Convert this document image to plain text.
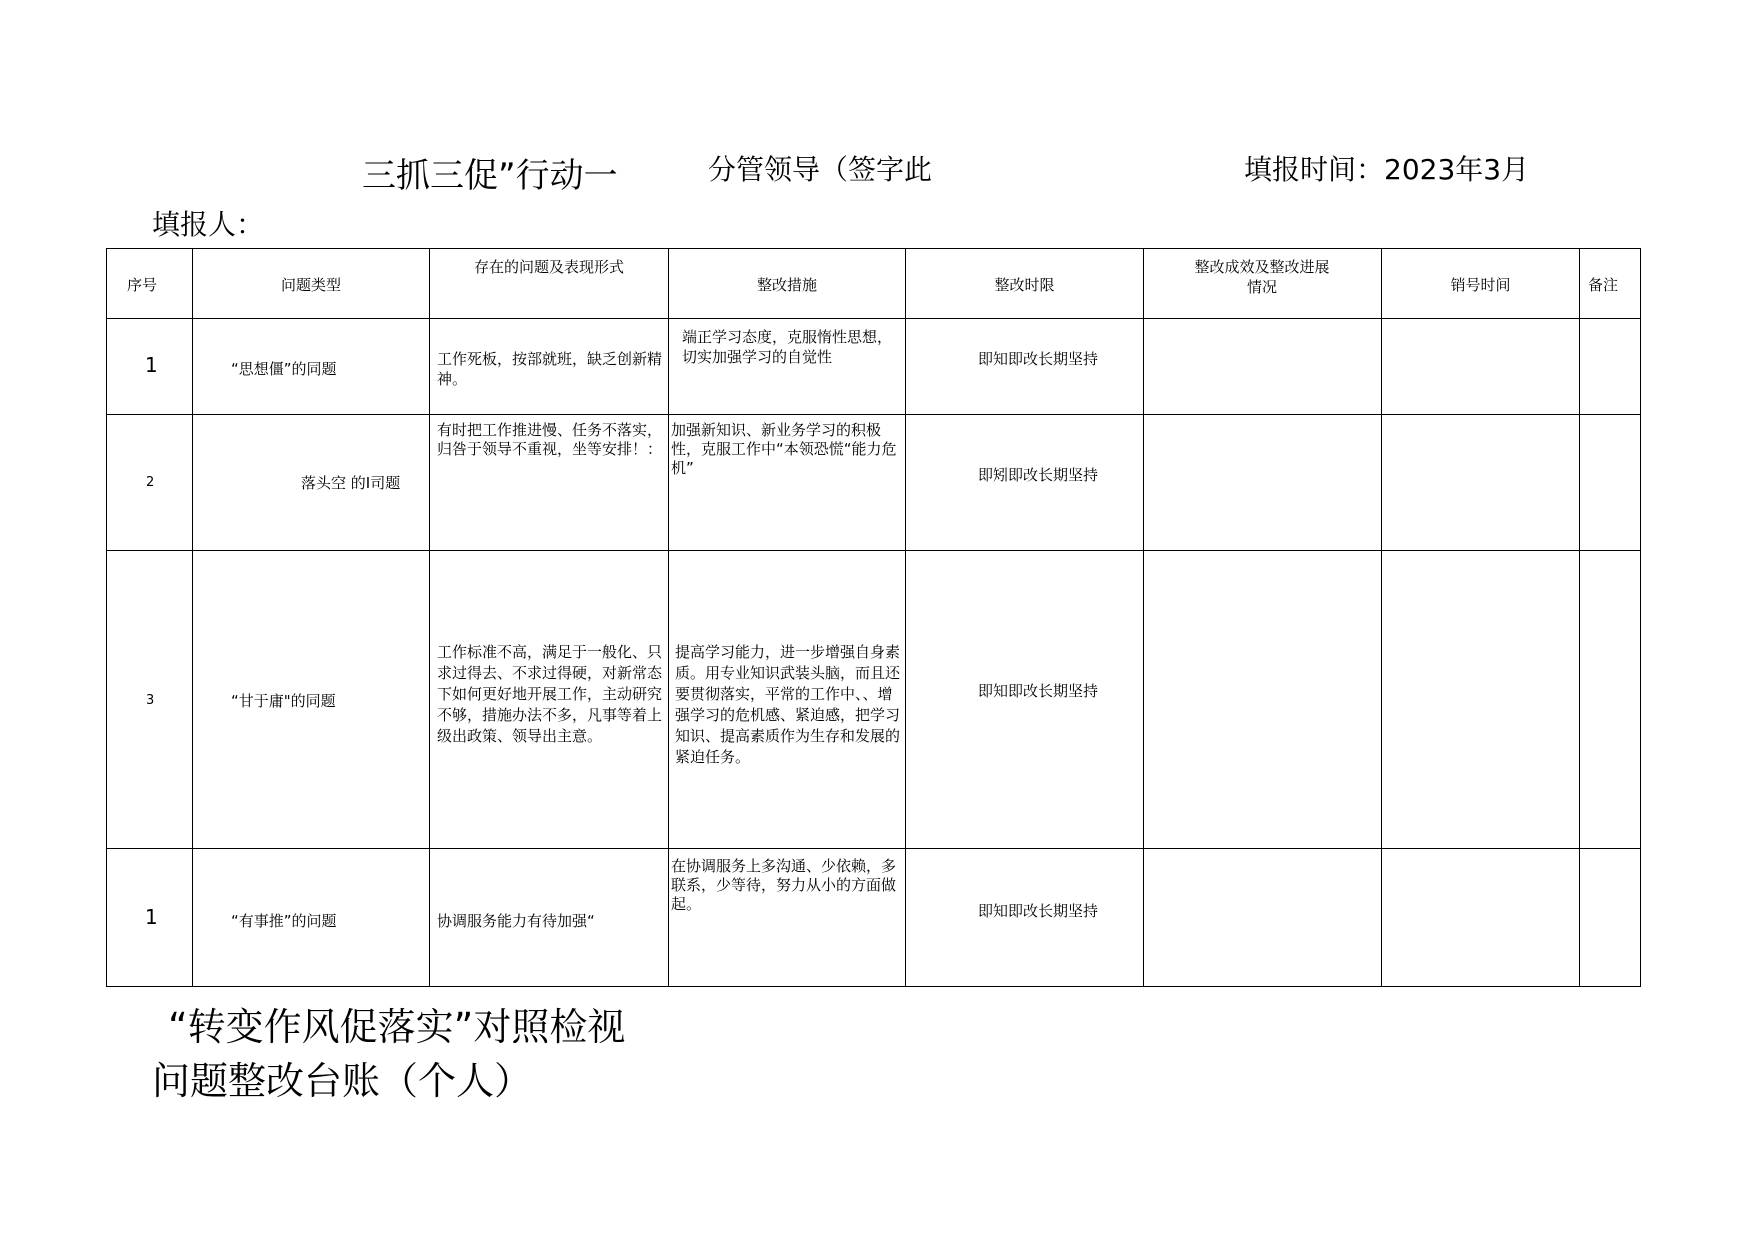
三抓三促”行动一	分管领导（签字此	填报时间：2023年3月
填报人：
序号	问题类型	存在的问题及表现形式	整改措施	整改时限	整改成效及整改进展情况	销号时间	备注

1	“思想僵”的同题	工作死板，按部就班，缺乏创新精神。	端正学习态度，克服惰性思想，切实加强学习的自觉性	即知即改长期坚持			

2	落头空 的I司题	有时把工作推进慢、任务不落实，归咎于领导不重视，坐等安排！：	加强新知识、新业务学习的积极性，克服工作中“本领恐慌“能力危机”	即矧即改长期坚持			

3	“甘于庸"的同题	工作标准不高，满足于一般化、只求过得去、不求过得硬，对新常态下如何更好地开展工作，主动研究不够，措施办法不多，凡事等着上级出政策、领导出主意。	提高学习能力，进一步增强自身素质。用专业知识武装头脑，而且还要贯彻落实，平常的工作中、、增强学习的危机感、紧迫感，把学习知识、提高素质作为生存和发展的紧迫任务。	即知即改长期坚持			

1	“有事推”的问题	协调服务能力有待加强“	在协调服务上多沟通、少依赖，多联系，少等待，努力从小的方面做起。	即知即改长期坚持			

“转变作风促落实”对照检视
问题整改台账（个人）
